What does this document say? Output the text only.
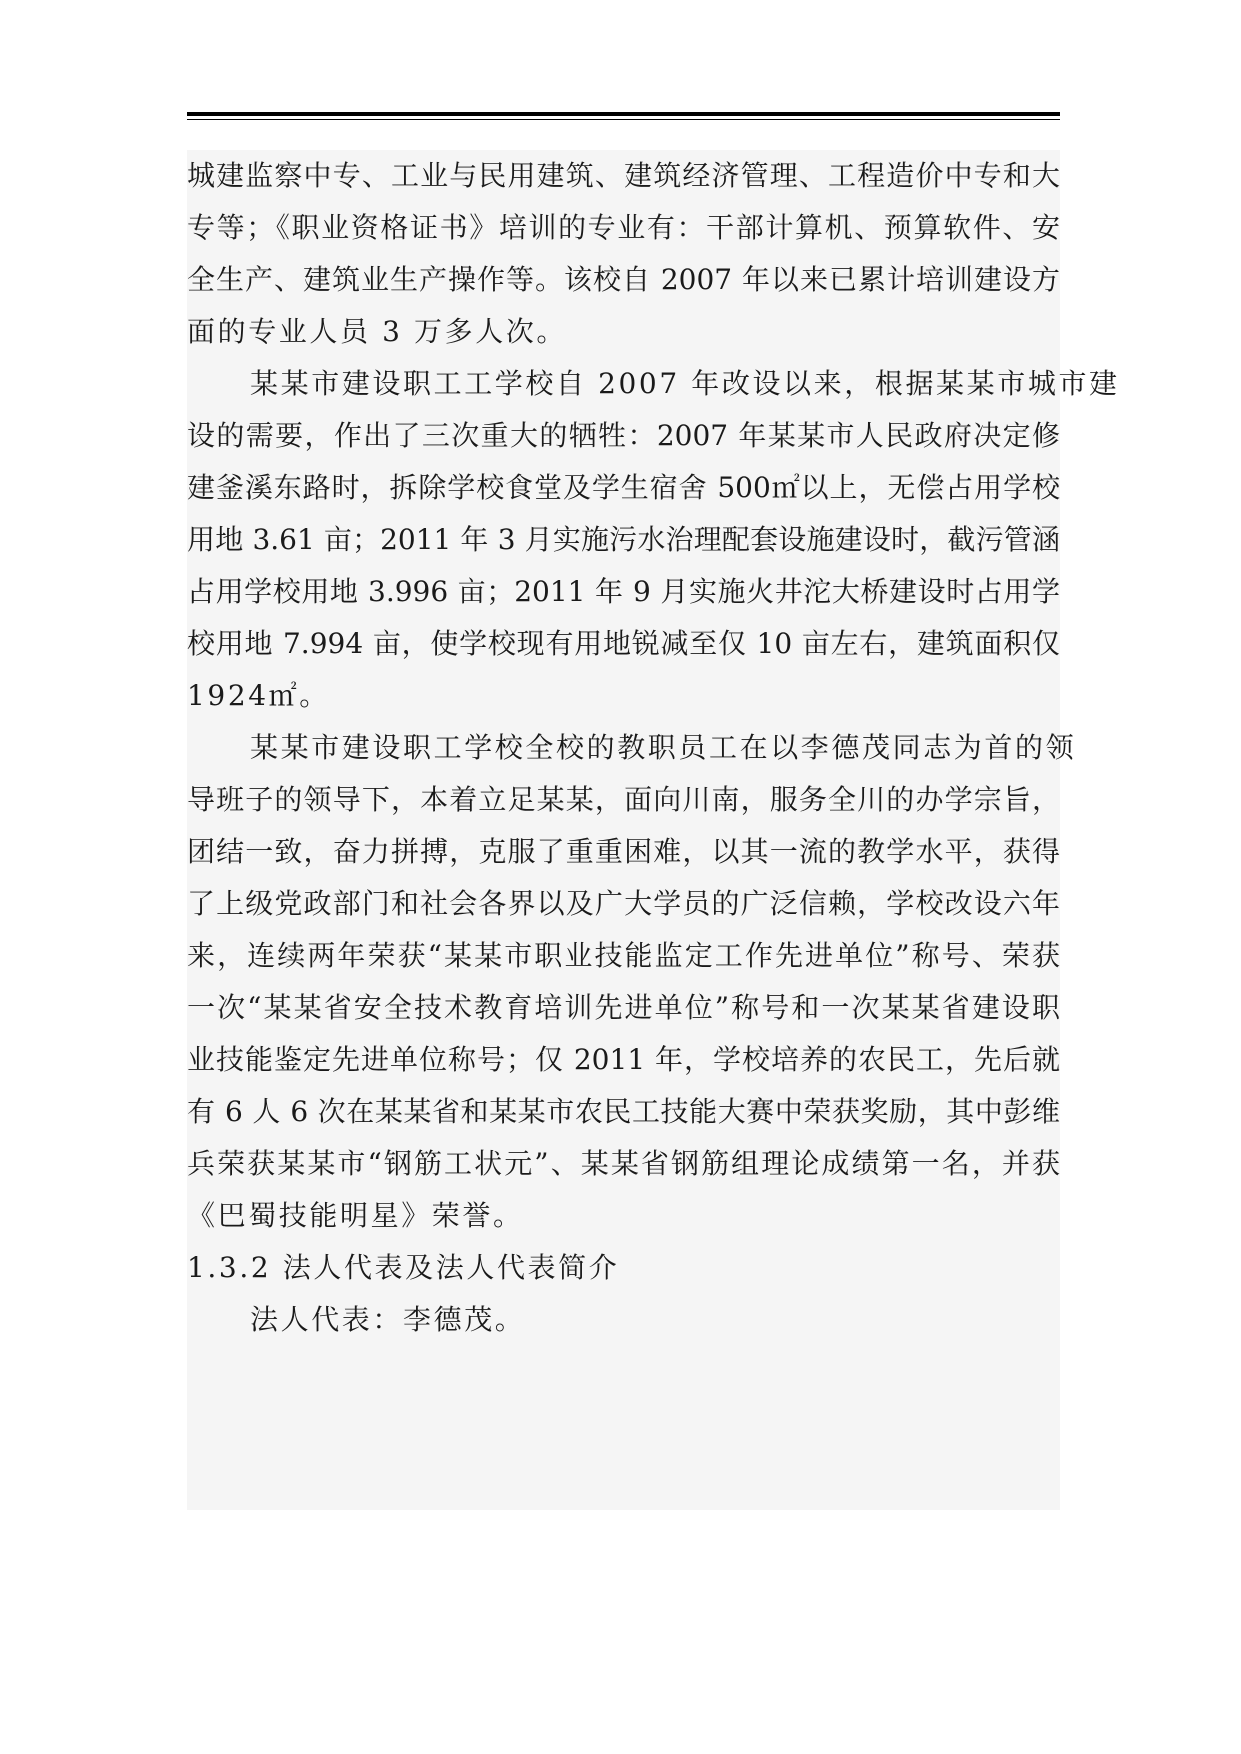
城建监察中专、工业与民用建筑、建筑经济管理、工程造价中专和大
专等；《职业资格证书》培训的专业有：干部计算机、预算软件、安
全生产、建筑业生产操作等。该校自 2007 年以来已累计培训建设方
面的专业人员 3 万多人次。
某某市建设职工工学校自 2007 年改设以来，根据某某市城市建
设的需要，作出了三次重大的牺牲：2007 年某某市人民政府决定修
建釜溪东路时，拆除学校食堂及学生宿舍 500㎡以上，无偿占用学校
用地 3.61 亩；2011 年 3 月实施污水治理配套设施建设时，截污管涵
占用学校用地 3.996 亩；2011 年 9 月实施火井沱大桥建设时占用学
校用地 7.994 亩，使学校现有用地锐减至仅 10 亩左右，建筑面积仅
1924㎡。
某某市建设职工学校全校的教职员工在以李德茂同志为首的领
导班子的领导下，本着立足某某，面向川南，服务全川的办学宗旨，
团结一致，奋力拼搏，克服了重重困难，以其一流的教学水平，获得
了上级党政部门和社会各界以及广大学员的广泛信赖，学校改设六年
来，连续两年荣获“某某市职业技能监定工作先进单位”称号、荣获
一次“某某省安全技术教育培训先进单位”称号和一次某某省建设职
业技能鉴定先进单位称号；仅 2011 年，学校培养的农民工，先后就
有 6 人 6 次在某某省和某某市农民工技能大赛中荣获奖励，其中彭维
兵荣获某某市“钢筋工状元”、某某省钢筋组理论成绩第一名，并获
《巴蜀技能明星》荣誉。
1.3.2 法人代表及法人代表简介
法人代表：李德茂。
